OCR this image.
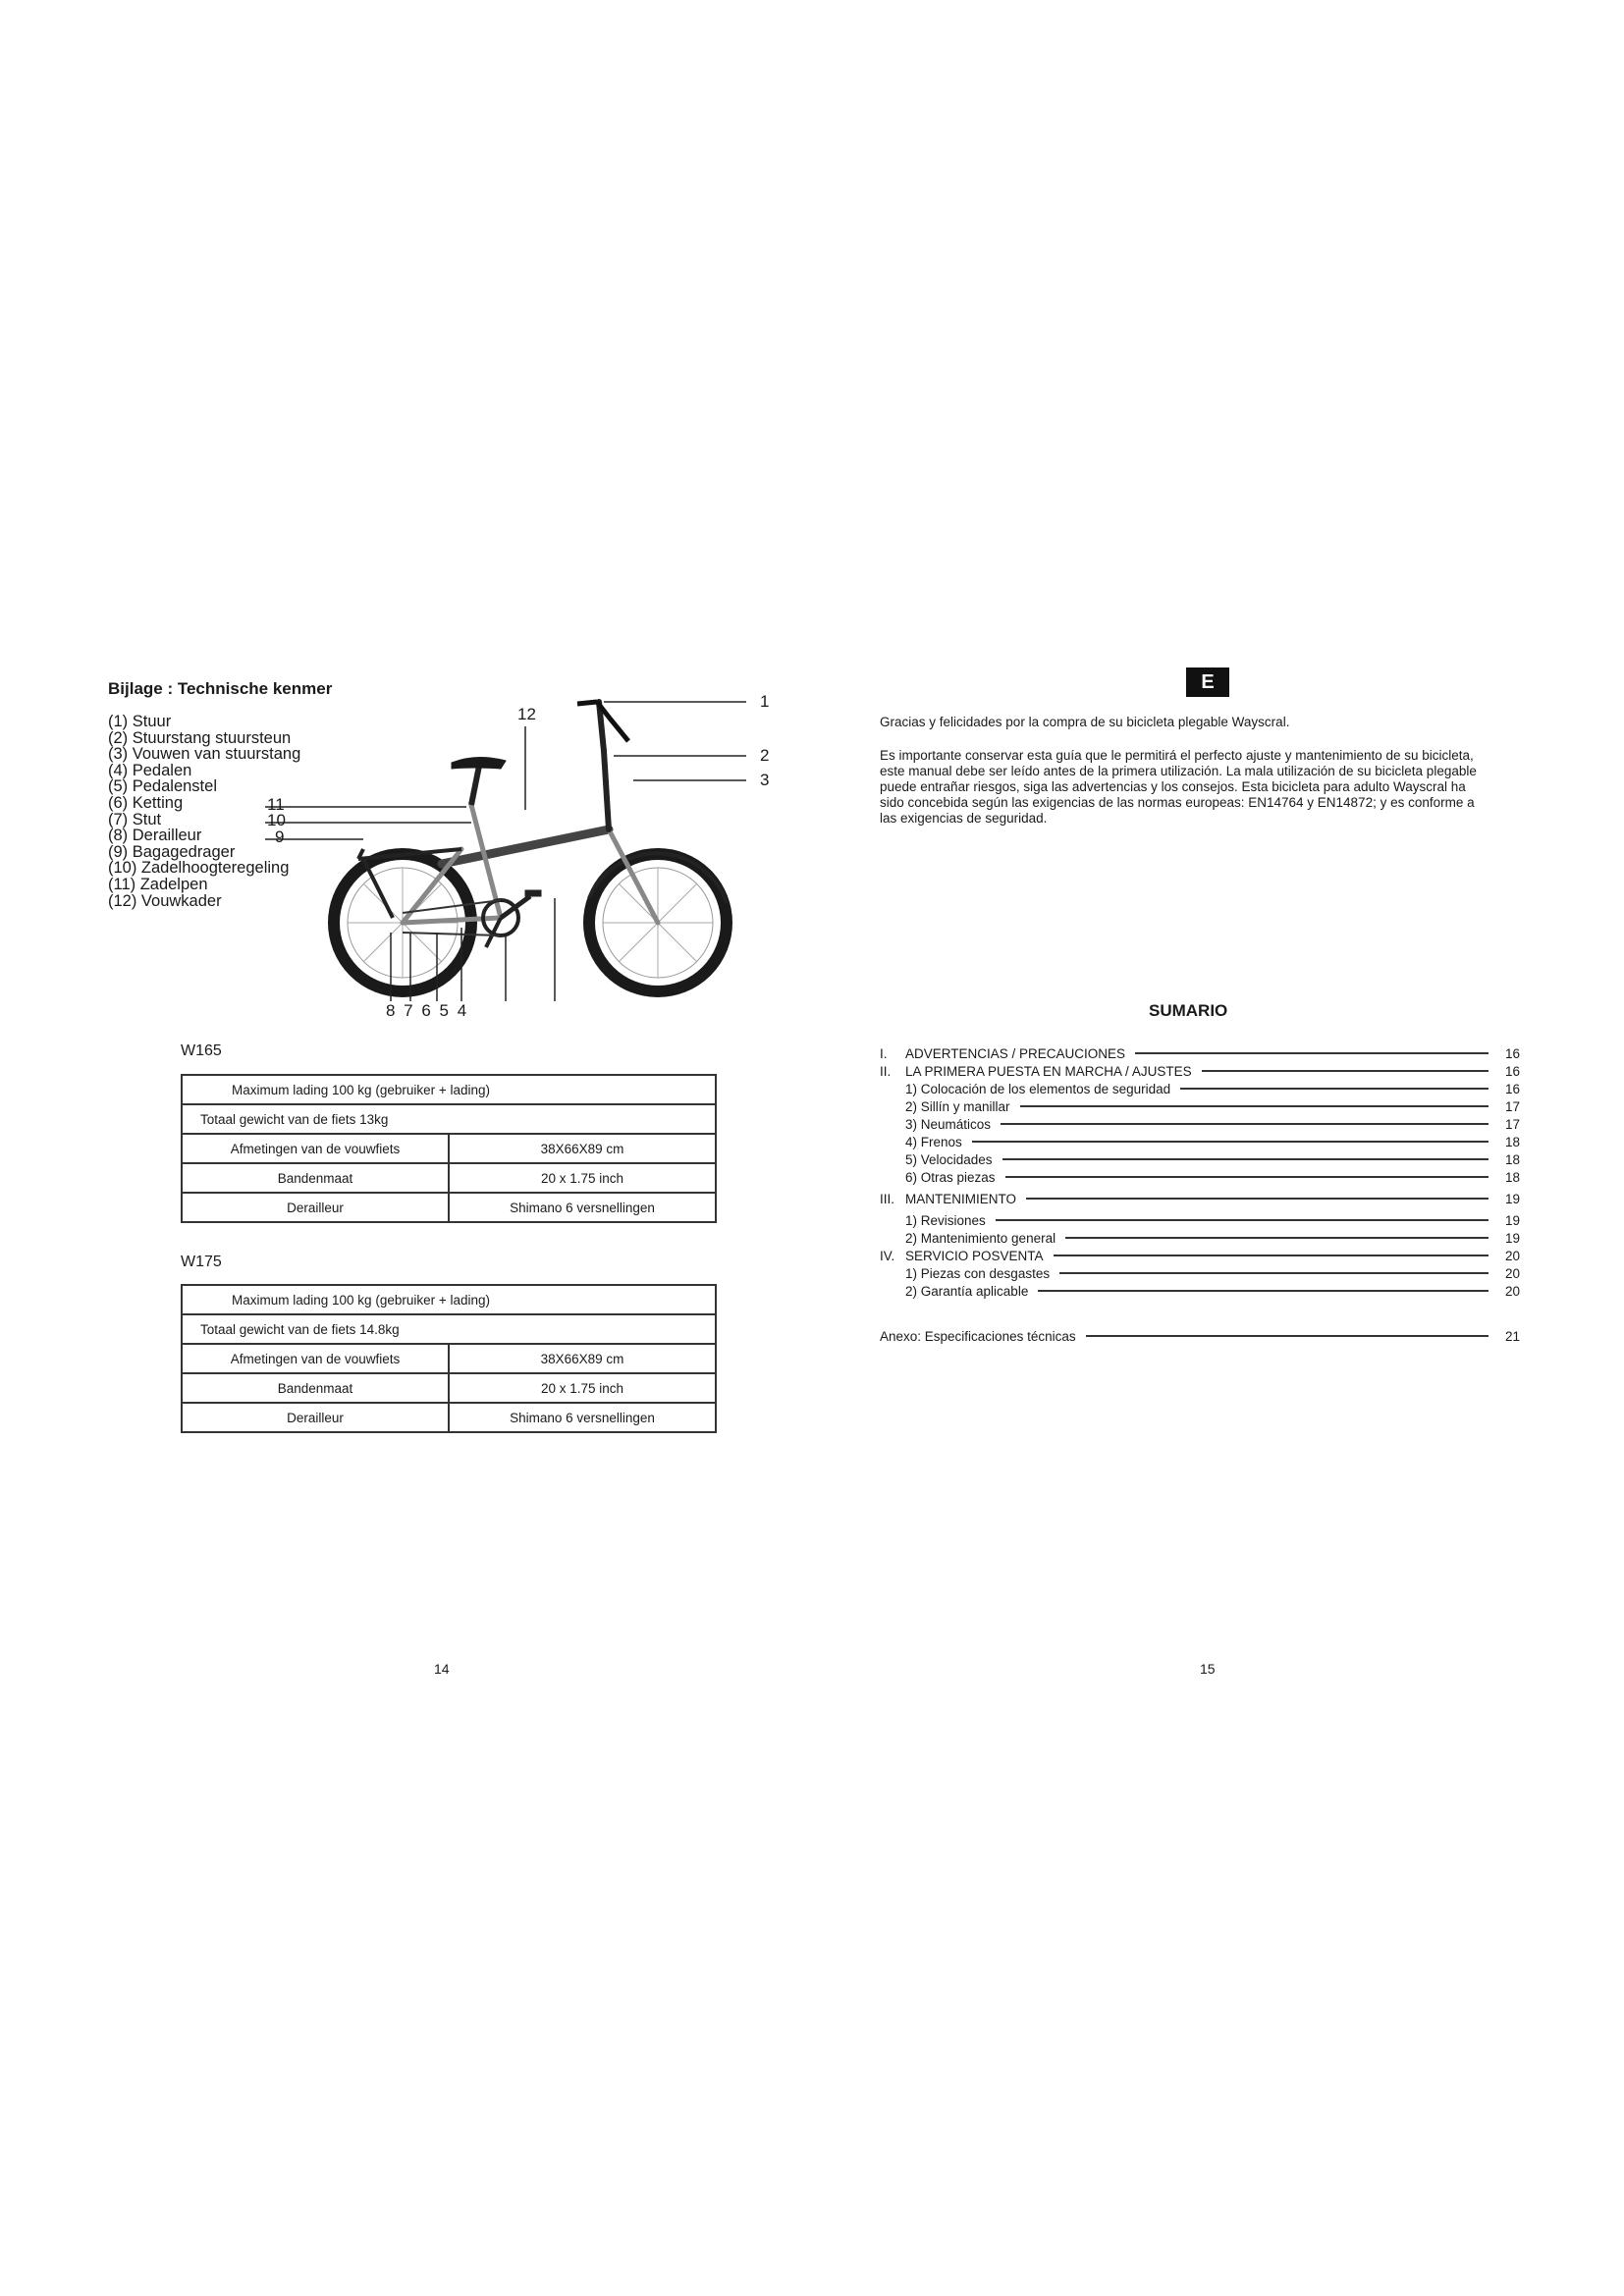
Bijlage : Technische kenmer
(1) Stuur
(2) Stuurstang stuursteun
(3) Vouwen van stuurstang
(4) Pedalen
(5) Pedalenstel
(6) Ketting
(7) Stut
(8) Derailleur
(9) Bagagedrager
(10) Zadelhoogteregeling
(11) Zadelpen
(12) Vouwkader
1
2
3
12
11
10
9
8 7 6 5 4
W165
Maximum lading 100 kg (gebruiker + lading)	
Totaal gewicht van de fiets 13kg	
Afmetingen van de vouwfiets	38X66X89 cm
Bandenmaat	20 x 1.75 inch
Derailleur	Shimano 6 versnellingen
W175
Maximum lading 100 kg (gebruiker + lading)	
Totaal gewicht van de fiets 14.8kg	
Afmetingen van de vouwfiets	38X66X89 cm
Bandenmaat	20 x 1.75 inch
Derailleur	Shimano 6 versnellingen
14
E
Gracias y felicidades por la compra de su bicicleta plegable Wayscral.
Es importante conservar esta guía que le permitirá el perfecto ajuste y mantenimiento de su bicicleta,
este manual debe ser leído antes de la primera utilización. La mala utilización de su bicicleta plegable
puede entrañar riesgos, siga las advertencias y los consejos. Esta bicicleta para adulto Wayscral ha
sido concebida según las exigencias de las normas europeas: EN14764 y EN14872; y es conforme a
las exigencias de seguridad.
SUMARIO
I. ADVERTENCIAS / PRECAUCIONES	16
II. LA PRIMERA PUESTA EN MARCHA / AJUSTES	16
1) Colocación de los elementos de seguridad	16
2) Sillín y manillar	17
3) Neumáticos	17
4) Frenos	18
5) Velocidades	18
6) Otras piezas	18
III. MANTENIMIENTO	19
1) Revisiones	19
2) Mantenimiento general	19
IV. SERVICIO POSVENTA	20
1) Piezas con desgastes	20
2) Garantía aplicable	20
Anexo: Especificaciones técnicas	21
15
